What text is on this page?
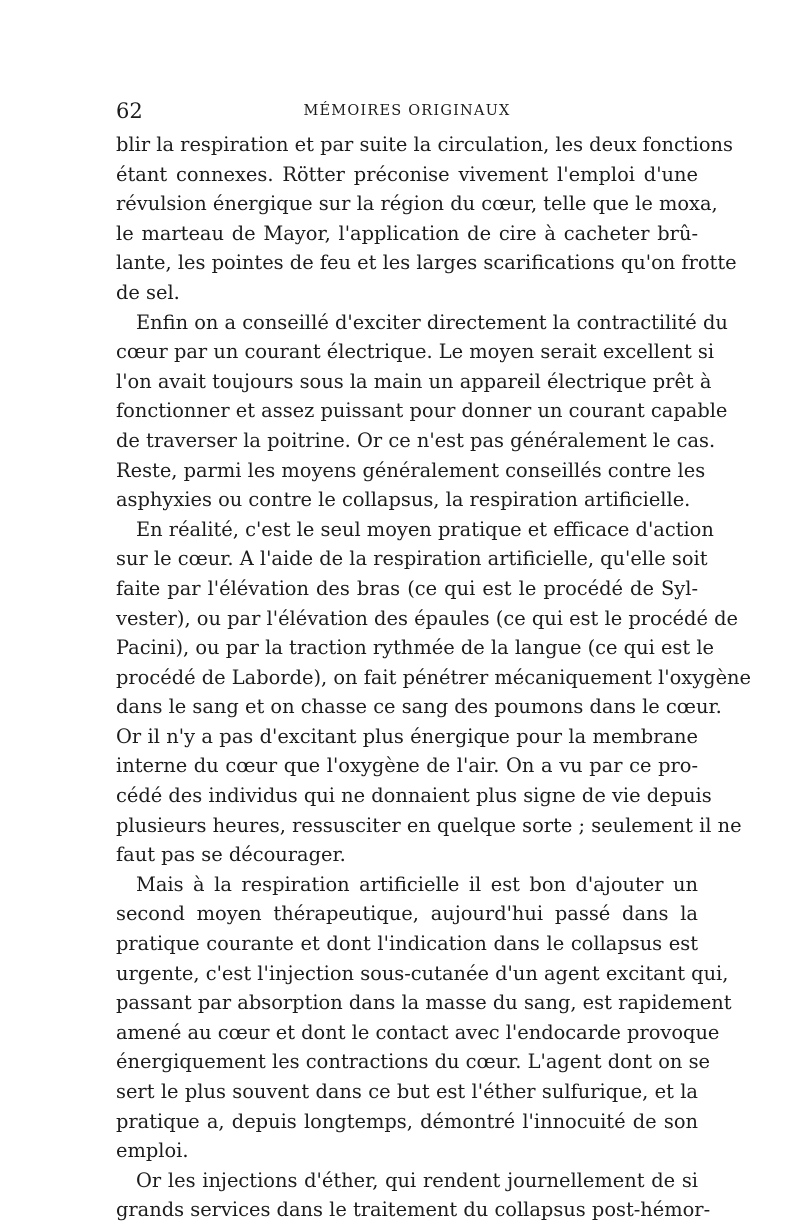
62	MÉMOIRES ORIGINAUX
blir la respiration et par suite la circulation, les deux fonctions
étant connexes. Rötter préconise vivement l'emploi d'une
révulsion énergique sur la région du cœur, telle que le moxa,
le marteau de Mayor, l'application de cire à cacheter brû-
lante, les pointes de feu et les larges scarifications qu'on frotte
de sel.
Enfin on a conseillé d'exciter directement la contractilité du
cœur par un courant électrique. Le moyen serait excellent si
l'on avait toujours sous la main un appareil électrique prêt à
fonctionner et assez puissant pour donner un courant capable
de traverser la poitrine. Or ce n'est pas généralement le cas.
Reste, parmi les moyens généralement conseillés contre les
asphyxies ou contre le collapsus, la respiration artificielle.
En réalité, c'est le seul moyen pratique et efficace d'action
sur le cœur. A l'aide de la respiration artificielle, qu'elle soit
faite par l'élévation des bras (ce qui est le procédé de Syl-
vester), ou par l'élévation des épaules (ce qui est le procédé de
Pacini), ou par la traction rythmée de la langue (ce qui est le
procédé de Laborde), on fait pénétrer mécaniquement l'oxygène
dans le sang et on chasse ce sang des poumons dans le cœur.
Or il n'y a pas d'excitant plus énergique pour la membrane
interne du cœur que l'oxygène de l'air. On a vu par ce pro-
cédé des individus qui ne donnaient plus signe de vie depuis
plusieurs heures, ressusciter en quelque sorte ; seulement il ne
faut pas se décourager.
Mais à la respiration artificielle il est bon d'ajouter un
second moyen thérapeutique, aujourd'hui passé dans la
pratique courante et dont l'indication dans le collapsus est
urgente, c'est l'injection sous-cutanée d'un agent excitant qui,
passant par absorption dans la masse du sang, est rapidement
amené au cœur et dont le contact avec l'endocarde provoque
énergiquement les contractions du cœur. L'agent dont on se
sert le plus souvent dans ce but est l'éther sulfurique, et la
pratique a, depuis longtemps, démontré l'innocuité de son
emploi.
Or les injections d'éther, qui rendent journellement de si
grands services dans le traitement du collapsus post-hémor-
